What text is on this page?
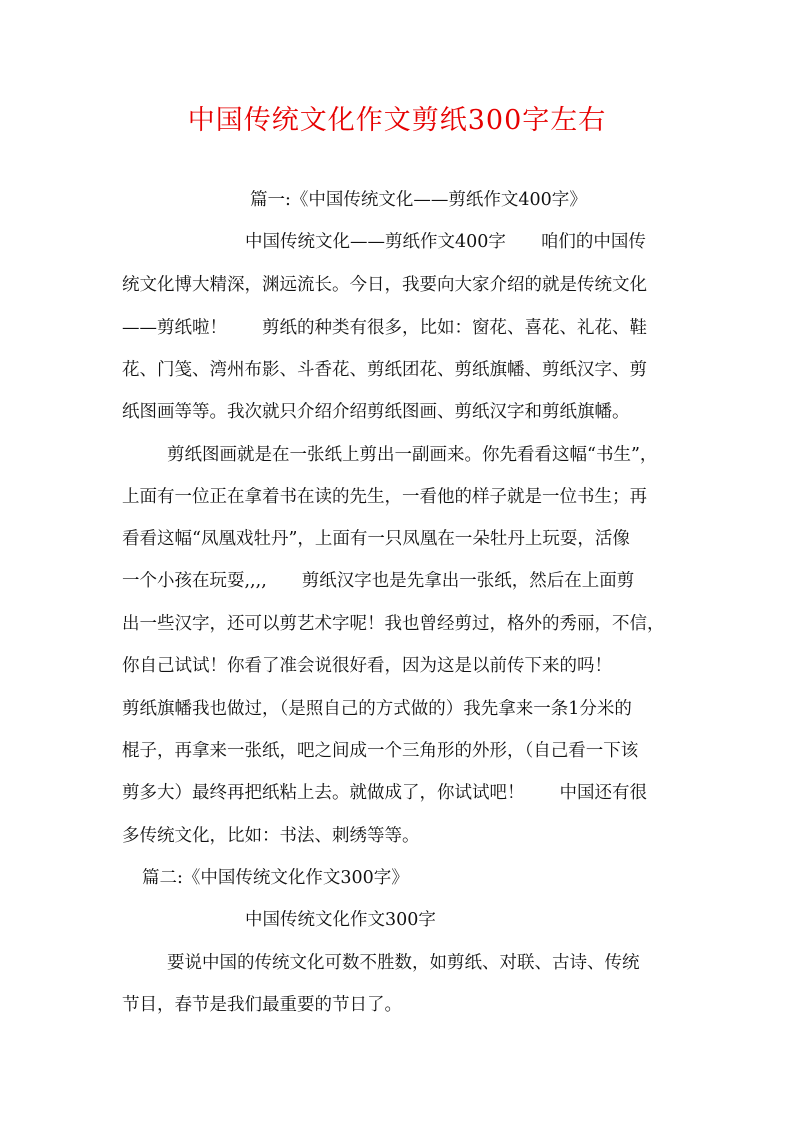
中国传统文化作文剪纸300字左右

篇一:《中国传统文化——剪纸作文400字》

中国传统文化——剪纸作文400字　　咱们的中国传

统文化博大精深，渊远流长。今日，我要向大家介绍的就是传统文化

——剪纸啦！　　剪纸的种类有很多，比如：窗花、喜花、礼花、鞋

花、门笺、湾州布影、斗香花、剪纸团花、剪纸旗幡、剪纸汉字、剪

纸图画等等。我次就只介绍介绍剪纸图画、剪纸汉字和剪纸旗幡。

剪纸图画就是在一张纸上剪出一副画来。你先看看这幅“书生”，

上面有一位正在拿着书在读的先生，一看他的样子就是一位书生；再

看看这幅“凤凰戏牡丹”，上面有一只凤凰在一朵牡丹上玩耍，活像

一个小孩在玩耍,,,,　　剪纸汉字也是先拿出一张纸，然后在上面剪

出一些汉字，还可以剪艺术字呢！我也曾经剪过，格外的秀丽，不信，

你自己试试！你看了准会说很好看，因为这是以前传下来的吗！

剪纸旗幡我也做过，（是照自己的方式做的）我先拿来一条1分米的

棍子，再拿来一张纸，吧之间成一个三角形的外形，（自己看一下该

剪多大）最终再把纸粘上去。就做成了，你试试吧！　　中国还有很

多传统文化，比如：书法、刺绣等等。

篇二:《中国传统文化作文300字》

中国传统文化作文300字

要说中国的传统文化可数不胜数，如剪纸、对联、古诗、传统

节目，春节是我们最重要的节日了。
